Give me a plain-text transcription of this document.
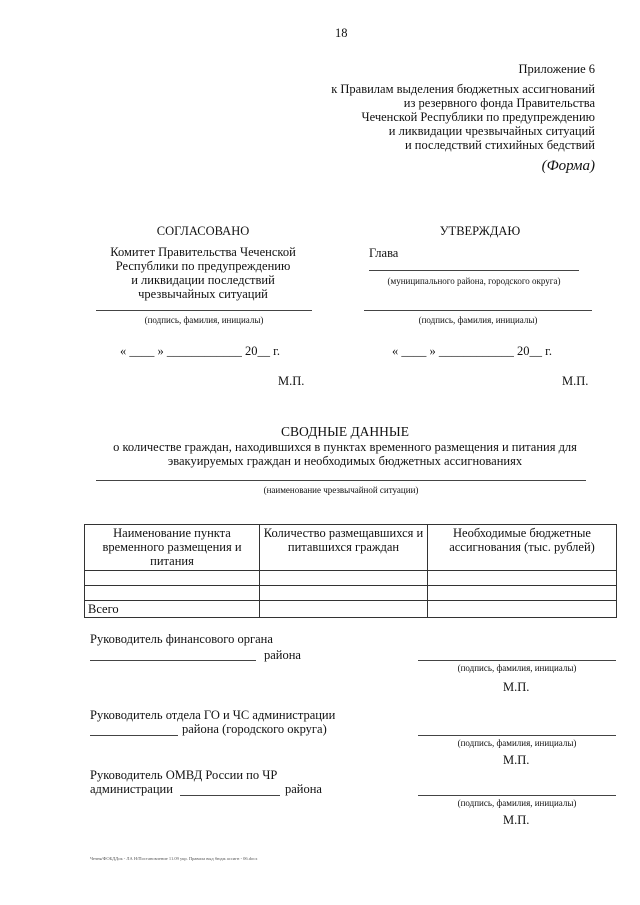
18
Приложение 6
к Правилам выделения бюджетных ассигнований
из резервного фонда Правительства
Чеченской Республики по предупреждению
и ликвидации чрезвычайных ситуаций
и последствий стихийных бедствий
(Форма)
СОГЛАСОВАНО
Комитет Правительства Чеченской
Республики по предупреждению
и ликвидации последствий
чрезвычайных ситуаций
(подпись, фамилия, инициалы)
« ____ » ____________ 20__ г.
М.П.
УТВЕРЖДАЮ
Глава
(муниципального района, городского округа)
(подпись, фамилия, инициалы)
« ____ » ____________ 20__ г.
М.П.
СВОДНЫЕ ДАННЫЕ
о количестве граждан, находившихся в пунктах временного размещения и питания для
эвакуируемых граждан и необходимых бюджетных ассигнованиях
(наименование чрезвычайной ситуации)
Наименование пункта временного размещения и питания	Количество размещавшихся и питавшихся граждан	Необходимые бюджетные ассигнования (тыс. рублей)

Всего		
Руководитель финансового органа
района
(подпись, фамилия, инициалы)
М.П.
Руководитель отдела ГО и ЧС администрации
района (городского округа)
(подпись, фамилия, инициалы)
М.П.
Руководитель ОМВД России по ЧР
администрации	района
(подпись, фамилия, инициалы)
М.П.
Чечня/ФОБДДок - ЛА Н/Постановление 11.09 укр. Правила выд бюдж ассигн - 06.docx
